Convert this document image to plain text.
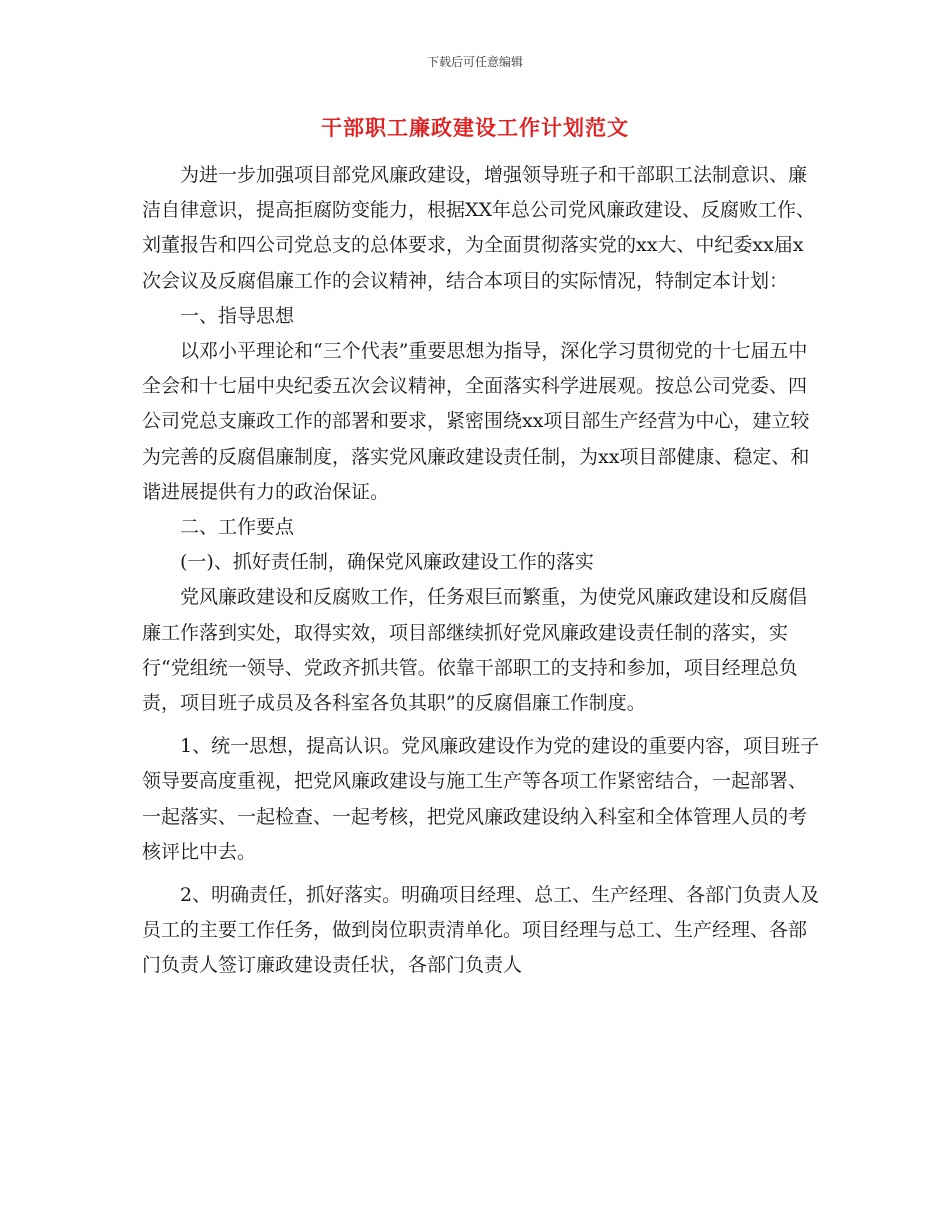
下载后可任意编辑
干部职工廉政建设工作计划范文

为进一步加强项目部党风廉政建设，增强领导班子和干部职工法制意识、廉洁自律意识，提高拒腐防变能力，根据XX年总公司党风廉政建设、反腐败工作、刘董报告和四公司党总支的总体要求，为全面贯彻落实党的xx大、中纪委xx届x次会议及反腐倡廉工作的会议精神，结合本项目的实际情况，特制定本计划：

一、指导思想

以邓小平理论和“三个代表”重要思想为指导，深化学习贯彻党的十七届五中全会和十七届中央纪委五次会议精神，全面落实科学进展观。按总公司党委、四公司党总支廉政工作的部署和要求，紧密围绕xx项目部生产经营为中心，建立较为完善的反腐倡廉制度，落实党风廉政建设责任制，为xx项目部健康、稳定、和谐进展提供有力的政治保证。

二、工作要点

(一)、抓好责任制，确保党风廉政建设工作的落实

党风廉政建设和反腐败工作，任务艰巨而繁重，为使党风廉政建设和反腐倡廉工作落到实处，取得实效，项目部继续抓好党风廉政建设责任制的落实，实行“党组统一领导、党政齐抓共管。依靠干部职工的支持和参加，项目经理总负责，项目班子成员及各科室各负其职”的反腐倡廉工作制度。

1、统一思想，提高认识。党风廉政建设作为党的建设的重要内容，项目班子领导要高度重视，把党风廉政建设与施工生产等各项工作紧密结合，一起部署、一起落实、一起检查、一起考核，把党风廉政建设纳入科室和全体管理人员的考核评比中去。

2、明确责任，抓好落实。明确项目经理、总工、生产经理、各部门负责人及员工的主要工作任务，做到岗位职责清单化。项目经理与总工、生产经理、各部门负责人签订廉政建设责任状，各部门负责人
